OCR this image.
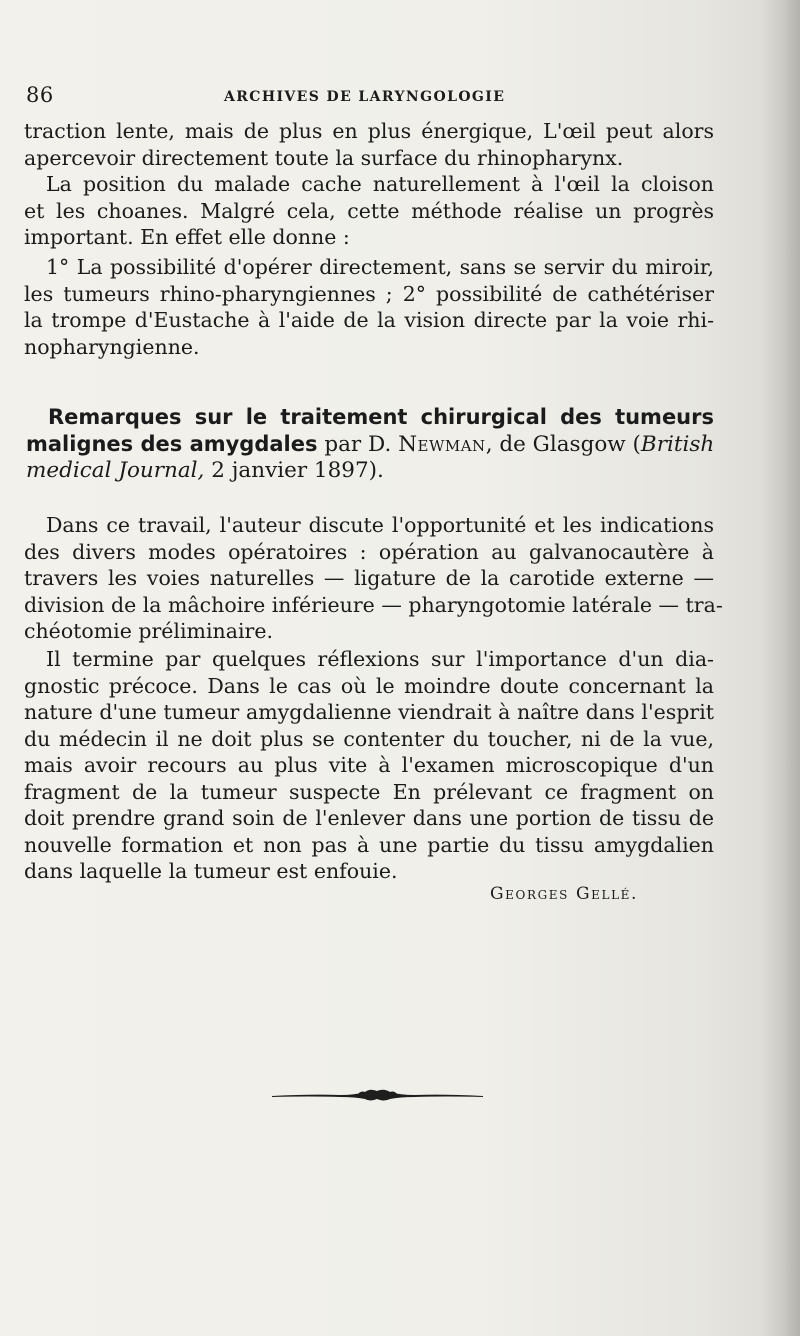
86	ARCHIVES DE LARYNGOLOGIE
traction lente, mais de plus en plus énergique, L'œil peut alors
apercevoir directement toute la surface du rhinopharynx.
La position du malade cache naturellement à l'œil la cloison
et les choanes. Malgré cela, cette méthode réalise un progrès
important. En effet elle donne :
1° La possibilité d'opérer directement, sans se servir du miroir,
les tumeurs rhino-pharyngiennes ; 2° possibilité de cathétériser
la trompe d'Eustache à l'aide de la vision directe par la voie rhi-
nopharyngienne.
Remarques sur le traitement chirurgical des tumeurs
malignes des amygdales par D. Newman, de Glasgow (British
medical Journal, 2 janvier 1897).
Dans ce travail, l'auteur discute l'opportunité et les indications
des divers modes opératoires : opération au galvanocautère à
travers les voies naturelles — ligature de la carotide externe —
division de la mâchoire inférieure — pharyngotomie latérale — tra-
chéotomie préliminaire.
Il termine par quelques réflexions sur l'importance d'un dia-
gnostic précoce. Dans le cas où le moindre doute concernant la
nature d'une tumeur amygdalienne viendrait à naître dans l'esprit
du médecin il ne doit plus se contenter du toucher, ni de la vue,
mais avoir recours au plus vite à l'examen microscopique d'un
fragment de la tumeur suspecte En prélevant ce fragment on
doit prendre grand soin de l'enlever dans une portion de tissu de
nouvelle formation et non pas à une partie du tissu amygdalien
dans laquelle la tumeur est enfouie.
Georges Gellé.
